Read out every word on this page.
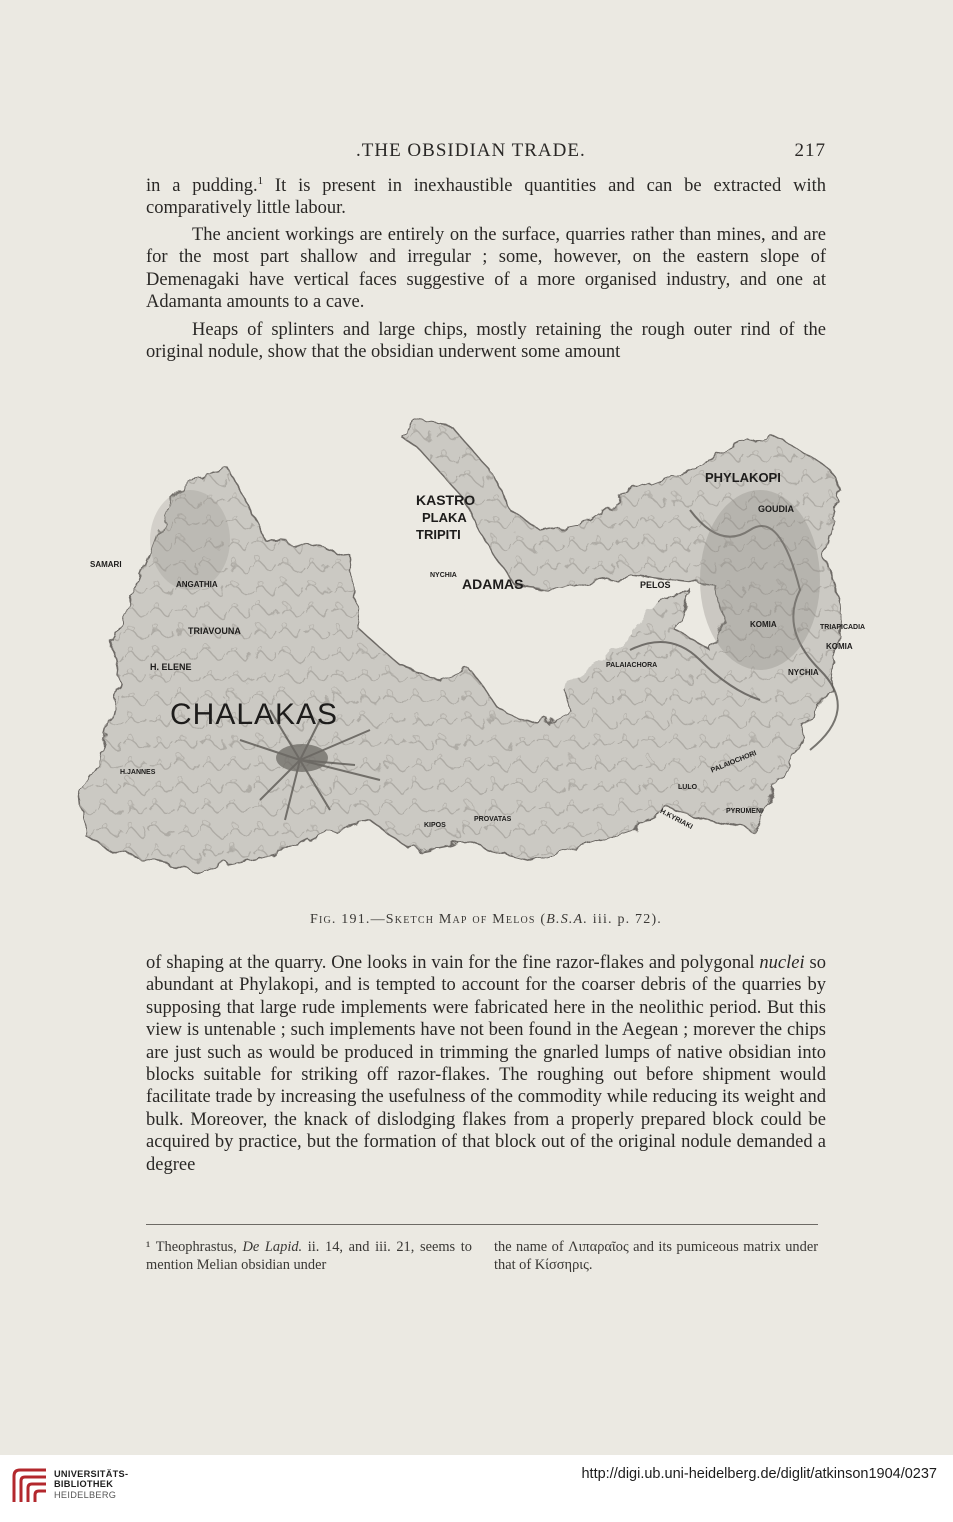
.THE OBSIDIAN TRADE.	217

in a pudding.$^1$ It is present in inexhaustible quantities and can be extracted with comparatively little labour.

The ancient workings are entirely on the surface, quarries rather than mines, and are for the most part shallow and irregular ; some, however, on the eastern slope of Demenagaki have vertical faces suggestive of a more organised industry, and one at Adamanta amounts to a cave.

Heaps of splinters and large chips, mostly retaining the rough outer rind of the original nodule, show that the obsidian underwent some amount

KASTRO
PLAKA
TRIPITI
PHYLAKOPI
GOUDIA
SAMARI
ANGATHIA
NYCHIA
ADAMAS	PELOS
TRIAVOUNA
KOMIA	TRIAPICADIA
KOMIA
H. ELENE	PALAIACHORA
NYCHIA
CHALAKAS
H.JANNES
LULO
PALAIOCHORI
PYRUMENI
KIPOS
PROVATAS	H.KYRIAKI
Fig. 191.—Sketch Map of Melos (B.S.A. iii. p. 72).

of shaping at the quarry. One looks in vain for the fine razor-flakes and polygonal nuclei so abundant at Phylakopi, and is tempted to account for the coarser debris of the quarries by supposing that large rude implements were fabricated here in the neolithic period. But this view is untenable ; such implements have not been found in the Aegean ; morever the chips are just such as would be produced in trimming the gnarled lumps of native obsidian into blocks suitable for striking off razor-flakes. The roughing out before shipment would facilitate trade by increasing the usefulness of the commodity while reducing its weight and bulk. Moreover, the knack of dislodging flakes from a properly prepared block could be acquired by practice, but the formation of that block out of the original nodule demanded a degree

¹ Theophrastus, De Lapid. ii. 14, and iii. 21, seems to mention Melian obsidian under

the name of Λιπαραῖος and its pumiceous matrix under that of Κίσσηρις.

UNIVERSITÄTS-
BIBLIOTHEK
HEIDELBERG
http://digi.ub.uni-heidelberg.de/diglit/atkinson1904/0237
